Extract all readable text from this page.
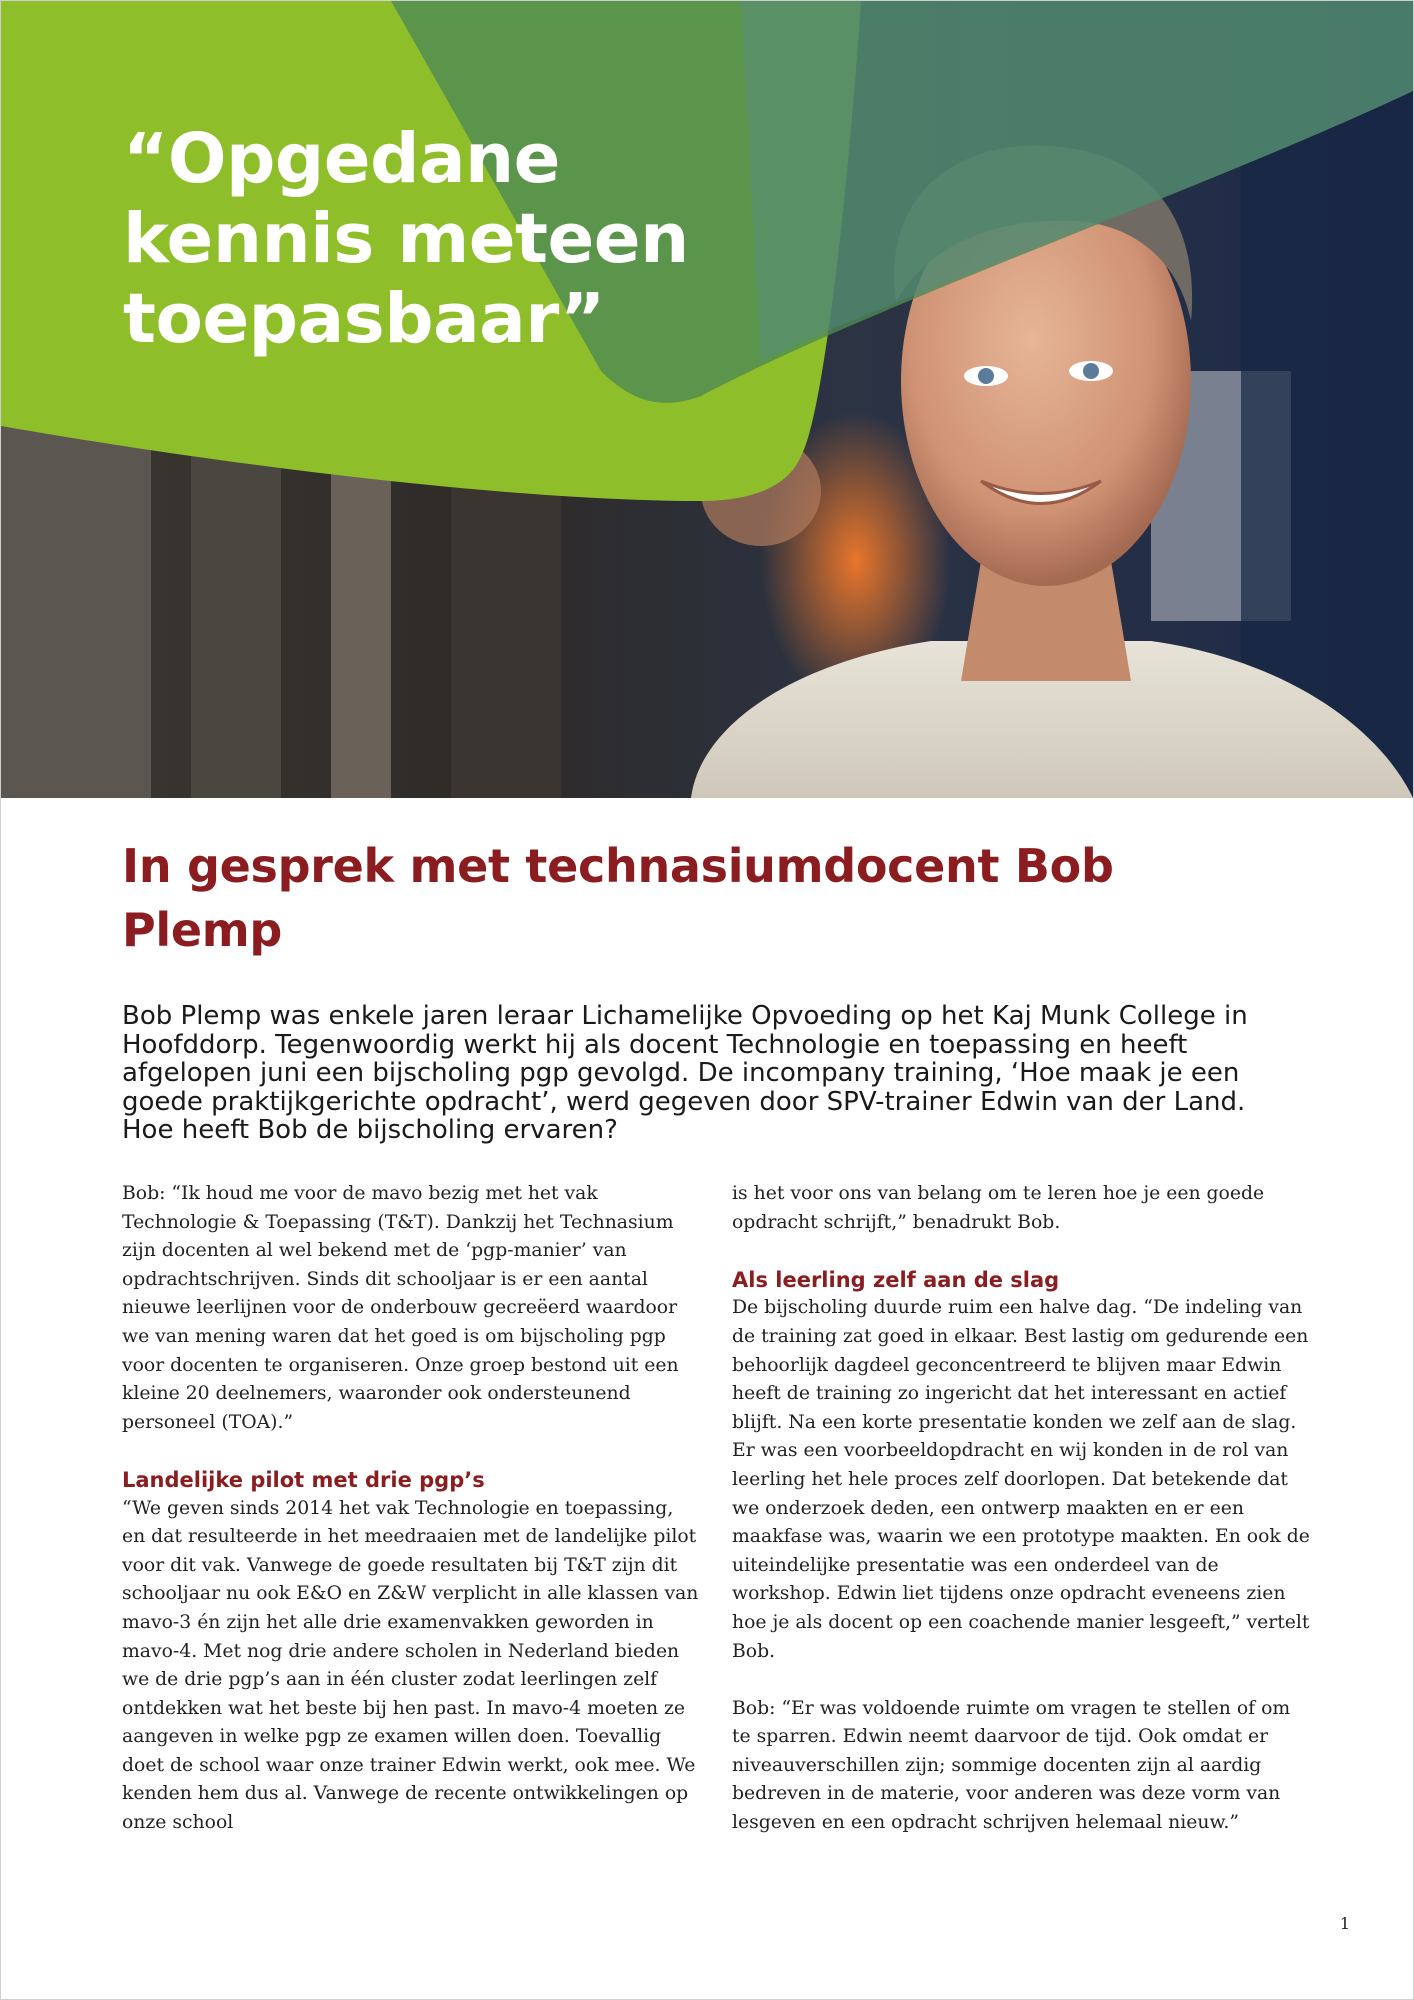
“Opgedane kennis meteen toepasbaar”
In gesprek met technasiumdocent Bob Plemp

Bob Plemp was enkele jaren leraar Lichamelijke Opvoeding op het Kaj Munk College in Hoofddorp. Tegenwoordig werkt hij als docent Technologie en toepassing en heeft afgelopen juni een bijscholing pgp gevolgd. De incompany training, ‘Hoe maak je een goede praktijkgerichte opdracht’, werd gegeven door SPV-trainer Edwin van der Land. Hoe heeft Bob de bijscholing ervaren?

Bob: “Ik houd me voor de mavo bezig met het vak Technologie & Toepassing (T&T). Dankzij het Technasium zijn docenten al wel bekend met de ‘pgp-manier’ van opdrachtschrijven. Sinds dit schooljaar is er een aantal nieuwe leerlijnen voor de onderbouw gecreëerd waardoor we van mening waren dat het goed is om bijscholing pgp voor docenten te organiseren. Onze groep bestond uit een kleine 20 deelnemers, waaronder ook ondersteunend personeel (TOA).”

Landelijke pilot met drie pgp’s

“We geven sinds 2014 het vak Technologie en toepassing, en dat resulteerde in het meedraaien met de landelijke pilot voor dit vak. Vanwege de goede resultaten bij T&T zijn dit schooljaar nu ook E&O en Z&W verplicht in alle klassen van mavo-3 én zijn het alle drie examenvakken geworden in mavo-4. Met nog drie andere scholen in Nederland bieden we de drie pgp’s aan in één cluster zodat leerlingen zelf ontdekken wat het beste bij hen past. In mavo-4 moeten ze aangeven in welke pgp ze examen willen doen. Toevallig doet de school waar onze trainer Edwin werkt, ook mee. We kenden hem dus al. Vanwege de recente ontwikkelingen op onze school

is het voor ons van belang om te leren hoe je een goede opdracht schrijft,” benadrukt Bob.

Als leerling zelf aan de slag

De bijscholing duurde ruim een halve dag. “De indeling van de training zat goed in elkaar. Best lastig om gedurende een behoorlijk dagdeel geconcentreerd te blijven maar Edwin heeft de training zo ingericht dat het interessant en actief blijft. Na een korte presentatie konden we zelf aan de slag. Er was een voorbeeldopdracht en wij konden in de rol van leerling het hele proces zelf doorlopen. Dat betekende dat we onderzoek deden, een ontwerp maakten en er een maakfase was, waarin we een prototype maakten. En ook de uiteindelijke presentatie was een onderdeel van de workshop. Edwin liet tijdens onze opdracht eveneens zien hoe je als docent op een coachende manier lesgeeft,” vertelt Bob.

Bob: “Er was voldoende ruimte om vragen te stellen of om te sparren. Edwin neemt daarvoor de tijd. Ook omdat er niveauverschillen zijn; sommige docenten zijn al aardig bedreven in de materie, voor anderen was deze vorm van lesgeven en een opdracht schrijven helemaal nieuw.”

1
